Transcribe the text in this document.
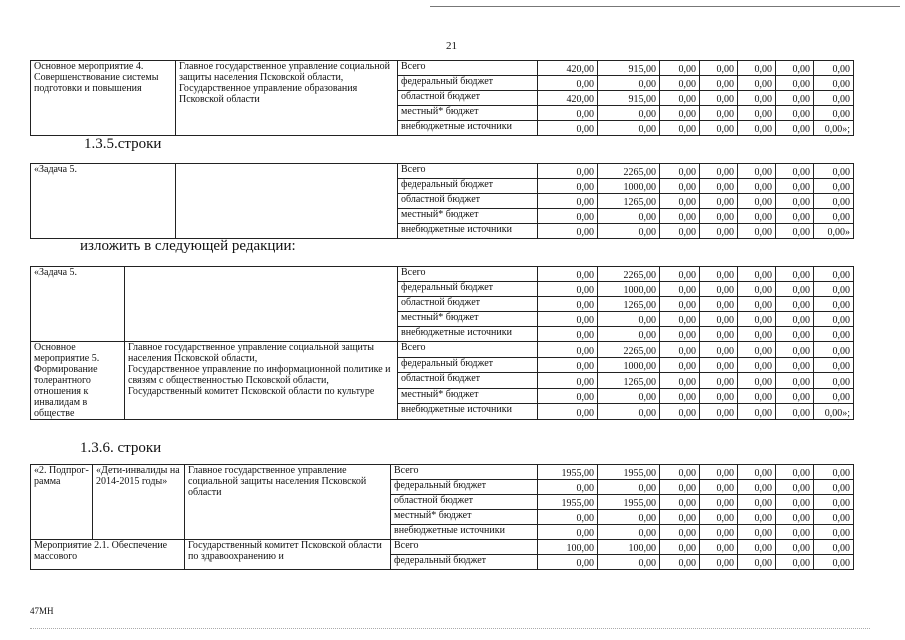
21
Основное мероприятие 4. Совершенствование системы подготовки и повышения	Главное государственное управление социальной защиты населения Псковской области,
Государственное управление образования Псковской области	Всего	420,00	915,00	0,00	0,00	0,00	0,00	0,00
		федеральный бюджет	0,00	0,00	0,00	0,00	0,00	0,00	0,00
		областной бюджет	420,00	915,00	0,00	0,00	0,00	0,00	0,00
		местный* бюджет	0,00	0,00	0,00	0,00	0,00	0,00	0,00
		внебюджетные источники	0,00	0,00	0,00	0,00	0,00	0,00	0,00»;
1.3.5.строки
«Задача 5.		Всего	0,00	2265,00	0,00	0,00	0,00	0,00	0,00
		федеральный бюджет	0,00	1000,00	0,00	0,00	0,00	0,00	0,00
		областной бюджет	0,00	1265,00	0,00	0,00	0,00	0,00	0,00
		местный* бюджет	0,00	0,00	0,00	0,00	0,00	0,00	0,00
		внебюджетные источники	0,00	0,00	0,00	0,00	0,00	0,00	0,00»
изложить в следующей редакции:
«Задача 5.		Всего	0,00	2265,00	0,00	0,00	0,00	0,00	0,00
		федеральный бюджет	0,00	1000,00	0,00	0,00	0,00	0,00	0,00
		областной бюджет	0,00	1265,00	0,00	0,00	0,00	0,00	0,00
		местный* бюджет	0,00	0,00	0,00	0,00	0,00	0,00	0,00
		внебюджетные источники	0,00	0,00	0,00	0,00	0,00	0,00	0,00
Основное мероприятие 5. Формирование толерантного отношения к инвалидам в обществе	Главное государственное управление социальной защиты населения Псковской области,
Государственное управление по информационной политике и связям с общественностью Псковской области,
Государственный комитет Псковской области по культуре	Всего	0,00	2265,00	0,00	0,00	0,00	0,00	0,00
		федеральный бюджет	0,00	1000,00	0,00	0,00	0,00	0,00	0,00
		областной бюджет	0,00	1265,00	0,00	0,00	0,00	0,00	0,00
		местный* бюджет	0,00	0,00	0,00	0,00	0,00	0,00	0,00
		внебюджетные источники	0,00	0,00	0,00	0,00	0,00	0,00	0,00»;
1.3.6. строки
«2. Подпрог-рамма	«Дети-инвалиды на 2014-2015 годы»	Главное государственное управление социальной защиты населения Псковской области	Всего	1955,00	1955,00	0,00	0,00	0,00	0,00	0,00
			федеральный бюджет	0,00	0,00	0,00	0,00	0,00	0,00	0,00
			областной бюджет	1955,00	1955,00	0,00	0,00	0,00	0,00	0,00
			местный* бюджет	0,00	0,00	0,00	0,00	0,00	0,00	0,00
			внебюджетные источники	0,00	0,00	0,00	0,00	0,00	0,00	0,00
Мероприятие 2.1. Обеспечение массового		Государственный комитет Псковской области по здравоохранению и	Всего	100,00	100,00	0,00	0,00	0,00	0,00	0,00
			федеральный бюджет	0,00	0,00	0,00	0,00	0,00	0,00	0,00
47МН
